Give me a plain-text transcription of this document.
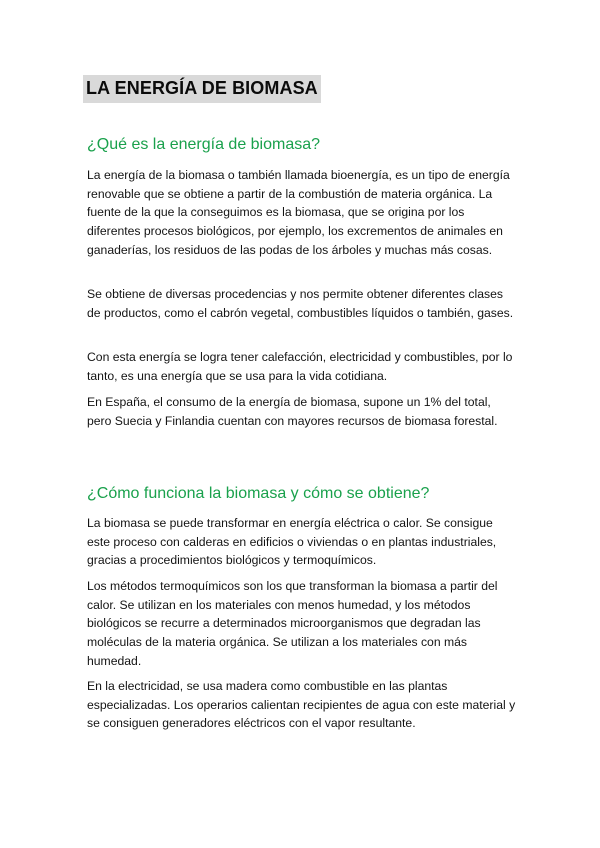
LA ENERGÍA DE BIOMASA
¿Qué es la energía de biomasa?

La energía de la biomasa o también llamada bioenergía, es un tipo de energía renovable que se obtiene a partir de la combustión de materia orgánica. La fuente de la que la conseguimos es la biomasa, que se origina por los diferentes procesos biológicos, por ejemplo, los excrementos de animales en ganaderías, los residuos de las podas de los árboles y muchas más cosas.

Se obtiene de diversas procedencias y nos permite obtener diferentes clases de productos, como el cabrón vegetal, combustibles líquidos o también, gases.

Con esta energía se logra tener calefacción, electricidad y combustibles, por lo tanto, es una energía que se usa para la vida cotidiana.

En España, el consumo de la energía de biomasa, supone un 1% del total, pero Suecia y Finlandia cuentan con mayores recursos de biomasa forestal.

¿Cómo funciona la biomasa y cómo se obtiene?

La biomasa se puede transformar en energía eléctrica o calor. Se consigue este proceso con calderas en edificios o viviendas o en plantas industriales, gracias a procedimientos biológicos y termoquímicos.

Los métodos termoquímicos son los que transforman la biomasa a partir del calor. Se utilizan en los materiales con menos humedad, y los métodos biológicos se recurre a determinados microorganismos que degradan las moléculas de la materia orgánica. Se utilizan a los materiales con más humedad.

En la electricidad, se usa madera como combustible en las plantas especializadas. Los operarios calientan recipientes de agua con este material y se consiguen generadores eléctricos con el vapor resultante.
